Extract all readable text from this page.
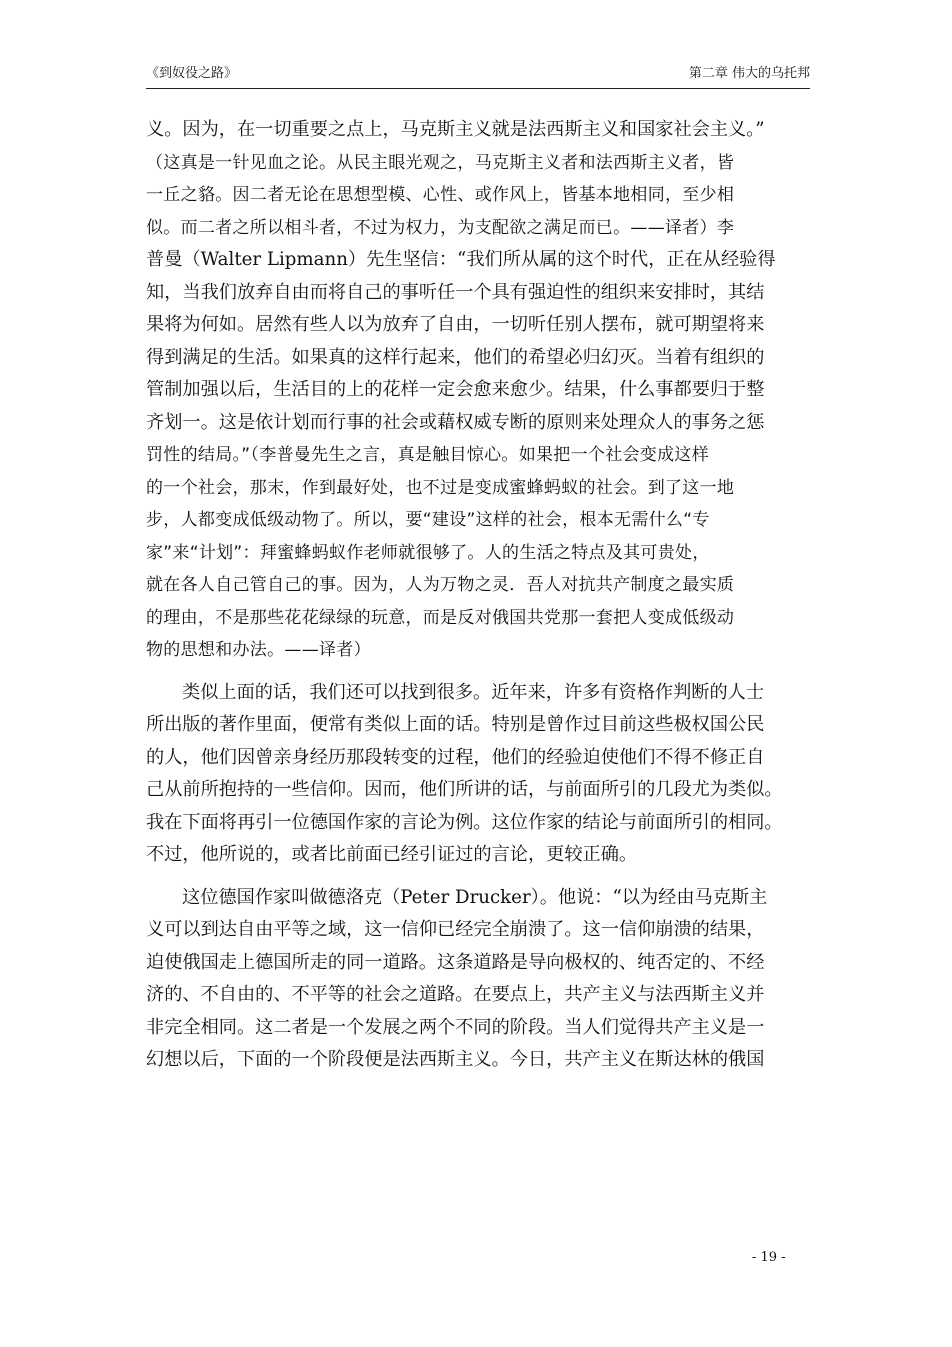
《到奴役之路》	第二章 伟大的乌托邦
义。因为，在一切重要之点上，马克斯主义就是法西斯主义和国家社会主义。”
（这真是一针见血之论。从民主眼光观之，马克斯主义者和法西斯主义者，皆
一丘之貉。因二者无论在思想型模、心性、或作风上，皆基本地相同，至少相
似。而二者之所以相斗者，不过为权力，为支配欲之满足而已。——译者）李
普曼（Walter Lipmann）先生坚信：“我们所从属的这个时代，正在从经验得
知，当我们放弃自由而将自己的事听任一个具有强迫性的组织来安排时，其结
果将为何如。居然有些人以为放弃了自由，一切听任别人摆布，就可期望将来
得到满足的生活。如果真的这样行起来，他们的希望必归幻灭。当着有组织的
管制加强以后，生活目的上的花样一定会愈来愈少。结果，什么事都要归于整
齐划一。这是依计划而行事的社会或藉权威专断的原则来处理众人的事务之惩
罚性的结局。”（李普曼先生之言，真是触目惊心。如果把一个社会变成这样
的一个社会，那末，作到最好处，也不过是变成蜜蜂蚂蚁的社会。到了这一地
步，人都变成低级动物了。所以，要“建设”这样的社会，根本无需什么“专
家”来“计划”：拜蜜蜂蚂蚁作老师就很够了。人的生活之特点及其可贵处，
就在各人自己管自己的事。因为，人为万物之灵．吾人对抗共产制度之最实质
的理由，不是那些花花绿绿的玩意，而是反对俄国共党那一套把人变成低级动
物的思想和办法。——译者）
类似上面的话，我们还可以找到很多。近年来，许多有资格作判断的人士
所出版的著作里面，便常有类似上面的话。特别是曾作过目前这些极权国公民
的人，他们因曾亲身经历那段转变的过程，他们的经验迫使他们不得不修正自
己从前所抱持的一些信仰。因而，他们所讲的话，与前面所引的几段尤为类似。
我在下面将再引一位德国作家的言论为例。这位作家的结论与前面所引的相同。
不过，他所说的，或者比前面已经引证过的言论，更较正确。
这位德国作家叫做德洛克（Peter Drucker）。他说：“以为经由马克斯主
义可以到达自由平等之域，这一信仰已经完全崩溃了。这一信仰崩溃的结果，
迫使俄国走上德国所走的同一道路。这条道路是导向极权的、纯否定的、不经
济的、不自由的、不平等的社会之道路。在要点上，共产主义与法西斯主义并
非完全相同。这二者是一个发展之两个不同的阶段。当人们觉得共产主义是一
幻想以后，下面的一个阶段便是法西斯主义。今日，共产主义在斯达林的俄国
- 19 -
